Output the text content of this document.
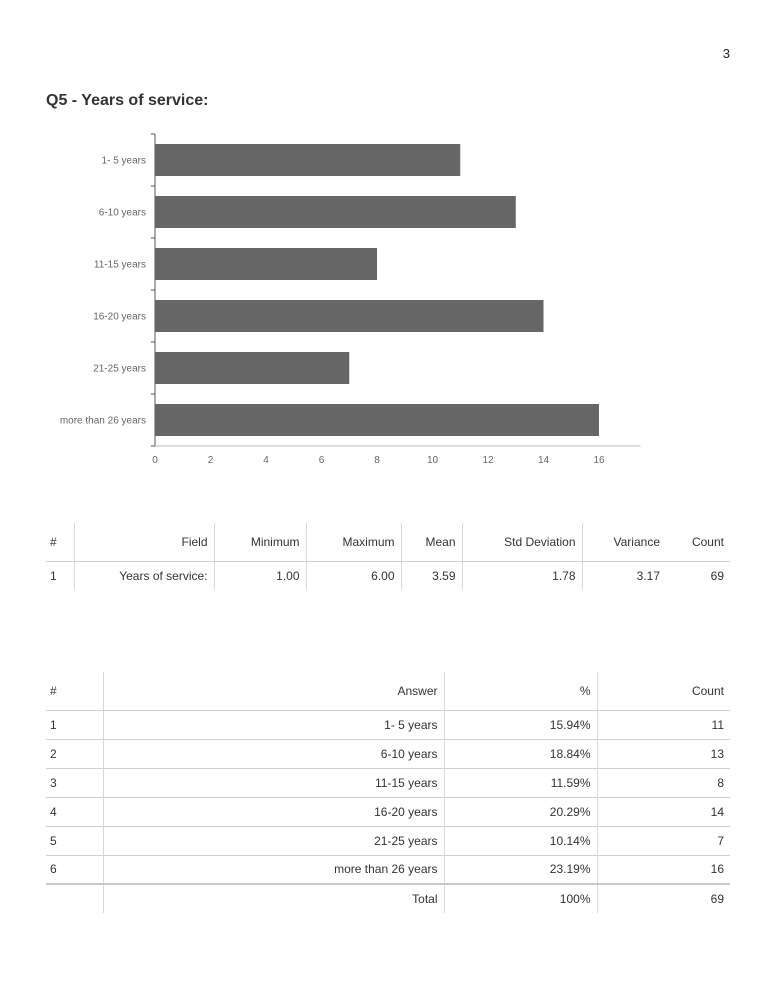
3
Q5 - Years of service:
1- 5 years
6-10 years
11-15 years
16-20 years
21-25 years
more than 26 years
0	2	4	6	8	10	12	14	16
#	Field	Minimum	Maximum	Mean	Std Deviation	Variance	Count
1	Years of service:	1.00	6.00	3.59	1.78	3.17	69
#	Answer	%	Count
1	1- 5 years	15.94%	11
2	6-10 years	18.84%	13
3	11-15 years	11.59%	8
4	16-20 years	20.29%	14
5	21-25 years	10.14%	7
6	more than 26 years	23.19%	16
	Total	100%	69
